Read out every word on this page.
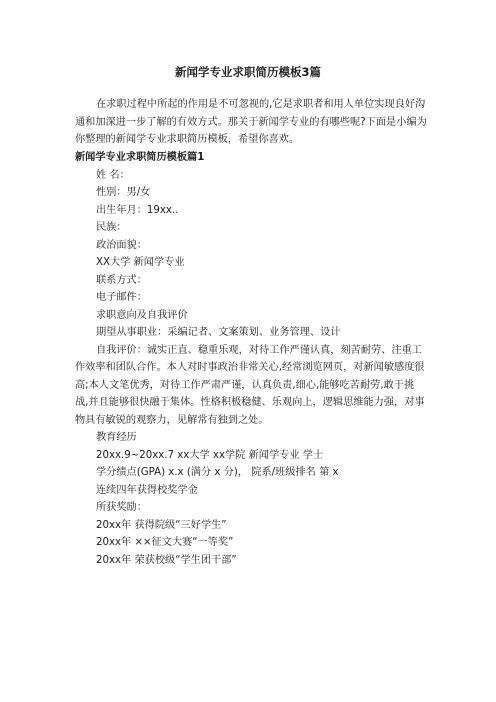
新闻学专业求职简历模板3篇

在求职过程中所起的作用是不可忽视的,它是求职者和用人单位实现良好沟通和加深进一步了解的有效方式。那关于新闻学专业的有哪些呢?下面是小编为你整理的新闻学专业求职简历模板，希望你喜欢。

新闻学专业求职简历模板篇1
姓 名：
性别：男/女
出生年月：19xx..
民族：
政治面貌：
XX大学 新闻学专业
联系方式：
电子邮件：
求职意向及自我评价
期望从事职业：采编记者、文案策划、业务管理、设计
自我评价：诚实正直、稳重乐观，对待工作严谨认真，刻苦耐劳、注重工作效率和团队合作。本人对时事政治非常关心,经常浏览网页，对新闻敏感度很高;本人文笔优秀，对待工作严肃严谨，认真负责,细心,能够吃苦耐劳,敢于挑战,并且能够很快融于集体。性格积极稳健、乐观向上，逻辑思维能力强，对事物具有敏锐的观察力，见解常有独到之处。
教育经历
20xx.9~20xx.7 xx大学 xx学院 新闻学专业 学士
学分绩点(GPA) x.x (满分 x 分)， 院系/班级排名 第 x
连续四年获得校奖学金
所获奖励：
20xx年 获得院级“三好学生”
20xx年 ××征文大赛“一等奖”
20xx年 荣获校级“学生团干部”
